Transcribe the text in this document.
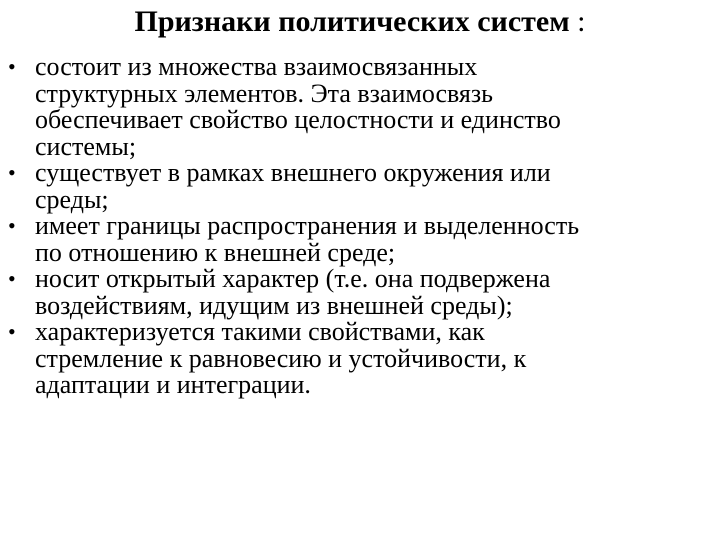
Признаки политических систем :
• состоит из множества взаимосвязанных
структурных элементов. Эта взаимосвязь
обеспечивает свойство целостности и единство
системы;
• существует в рамках внешнего окружения или
среды;
• имеет границы распространения и выделенность
по отношению к внешней среде;
• носит открытый характер (т.е. она подвержена
воздействиям, идущим из внешней среды);
• характеризуется такими свойствами, как
стремление к равновесию и устойчивости, к
адаптации и интеграции.
